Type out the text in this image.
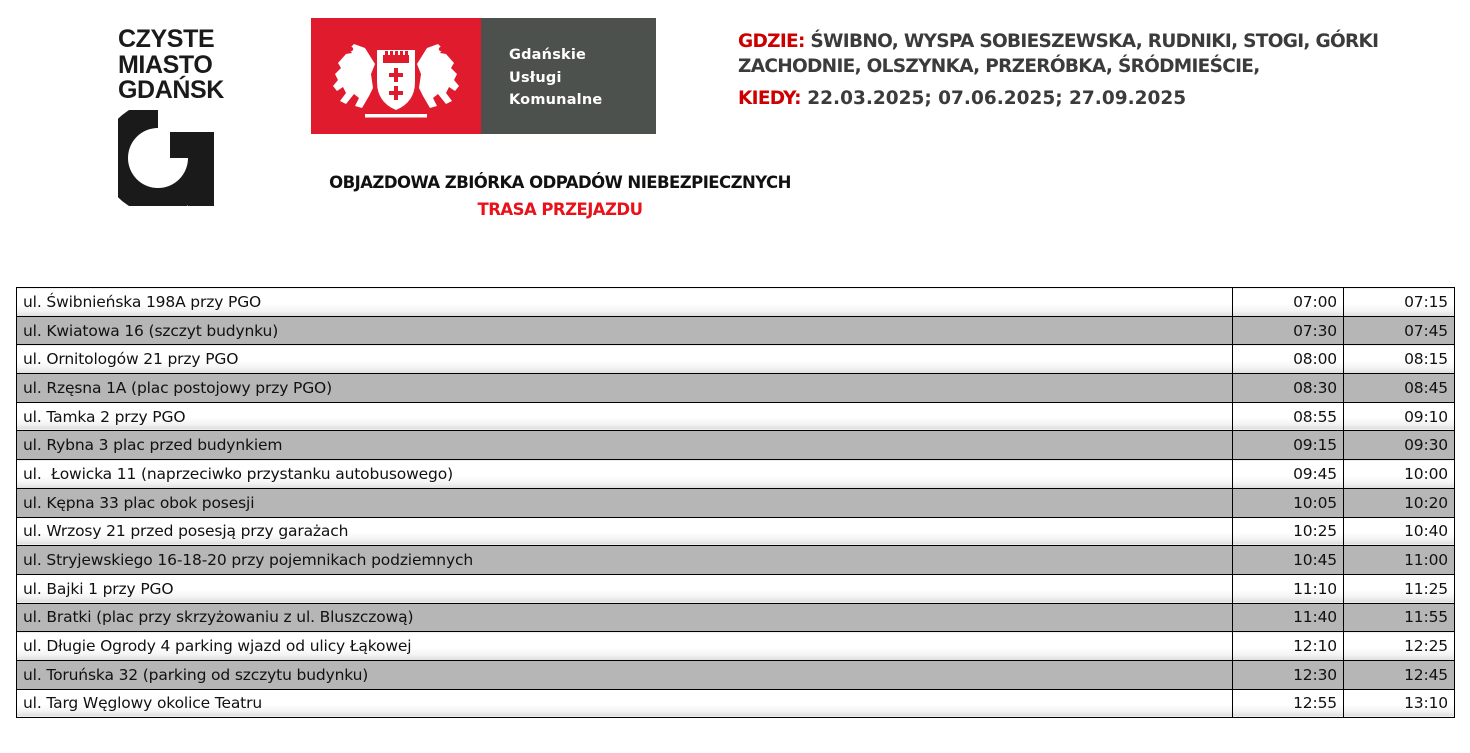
CZYSTE
MIASTO
GDAŃSK
Gdańskie
Usługi
Komunalne
GDZIE: ŚWIBNO, WYSPA SOBIESZEWSKA, RUDNIKI, STOGI, GÓRKI
ZACHODNIE, OLSZYNKA, PRZERÓBKA, ŚRÓDMIEŚCIE,
KIEDY: 22.03.2025; 07.06.2025; 27.09.2025
OBJAZDOWA ZBIÓRKA ODPADÓW NIEBEZPIECZNYCH
TRASA PRZEJAZDU
ul. Świbnieńska 198A przy PGO	07:00	07:15
ul. Kwiatowa 16 (szczyt budynku)	07:30	07:45
ul. Ornitologów 21 przy PGO	08:00	08:15
ul. Rzęsna 1A (plac postojowy przy PGO)	08:30	08:45
ul. Tamka 2 przy PGO	08:55	09:10
ul. Rybna 3 plac przed budynkiem	09:15	09:30
ul.  Łowicka 11 (naprzeciwko przystanku autobusowego)	09:45	10:00
ul. Kępna 33 plac obok posesji	10:05	10:20
ul. Wrzosy 21 przed posesją przy garażach	10:25	10:40
ul. Stryjewskiego 16-18-20 przy pojemnikach podziemnych	10:45	11:00
ul. Bajki 1 przy PGO	11:10	11:25
ul. Bratki (plac przy skrzyżowaniu z ul. Bluszczową)	11:40	11:55
ul. Długie Ogrody 4 parking wjazd od ulicy Łąkowej	12:10	12:25
ul. Toruńska 32 (parking od szczytu budynku)	12:30	12:45
ul. Targ Węglowy okolice Teatru	12:55	13:10
